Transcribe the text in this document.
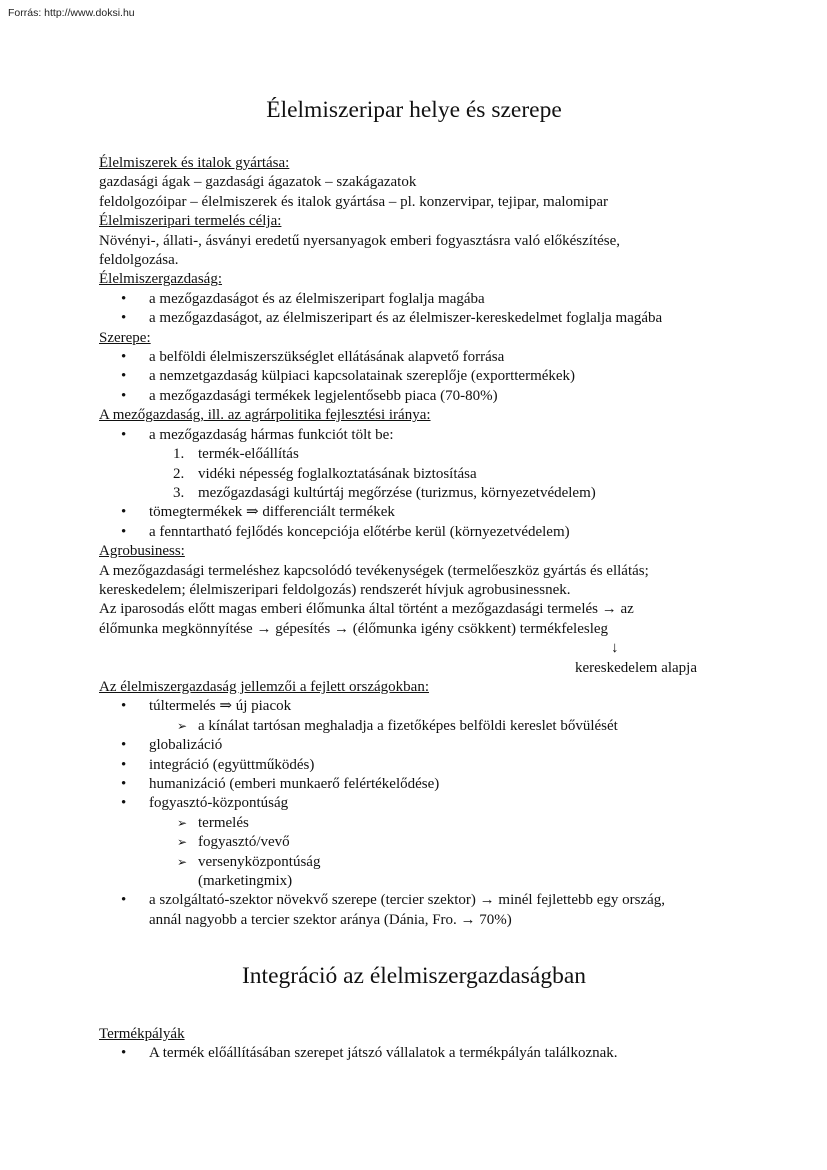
Forrás: http://www.doksi.hu
Élelmiszeripar helye és szerepe

Élelmiszerek és italok gyártása:

gazdasági ágak – gazdasági ágazatok – szakágazatok

feldolgozóipar – élelmiszerek és italok gyártása – pl. konzervipar, tejipar, malomipar

Élelmiszeripari termelés célja:

Növényi-, állati-, ásványi eredetű nyersanyagok emberi fogyasztásra való előkészítése,

feldolgozása.

Élelmiszergazdaság:

• a mezőgazdaságot és az élelmiszeripart foglalja magába
• a mezőgazdaságot, az élelmiszeripart és az élelmiszer-kereskedelmet foglalja magába

Szerepe:

• a belföldi élelmiszerszükséglet ellátásának alapvető forrása
• a nemzetgazdaság külpiaci kapcsolatainak szereplője (exporttermékek)
• a mezőgazdasági termékek legjelentősebb piaca (70-80%)

A mezőgazdaság, ill. az agrárpolitika fejlesztési iránya:

• a mezőgazdaság hármas funkciót tölt be:
1. termék-előállítás
2. vidéki népesség foglalkoztatásának biztosítása
3. mezőgazdasági kultúrtáj megőrzése (turizmus, környezetvédelem)
• tömegtermékek ⇒ differenciált termékek
• a fenntartható fejlődés koncepciója előtérbe kerül (környezetvédelem)

Agrobusiness:

A mezőgazdasági termeléshez kapcsolódó tevékenységek (termelőeszköz gyártás és ellátás;

kereskedelem; élelmiszeripari feldolgozás) rendszerét hívjuk agrobusinessnek.

Az iparosodás előtt magas emberi élőmunka által történt a mezőgazdasági termelés → az

élőmunka megkönnyítése → gépesítés → (élőmunka igény csökkent) termékfelesleg

↓

kereskedelem alapja

Az élelmiszergazdaság jellemzői a fejlett országokban:

• túltermelés ⇒ új piacok
➢ a kínálat tartósan meghaladja a fizetőképes belföldi kereslet bővülését
• globalizáció
• integráció (együttműködés)
• humanizáció (emberi munkaerő felértékelődése)
• fogyasztó-központúság
➢ termelés
➢ fogyasztó/vevő
➢ versenyközpontúság
(marketingmix)
• a szolgáltató-szektor növekvő szerepe (tercier szektor) → minél fejlettebb egy ország,
annál nagyobb a tercier szektor aránya (Dánia, Fro. → 70%)
Integráció az élelmiszergazdaságban

Termékpályák

• A termék előállításában szerepet játszó vállalatok a termékpályán találkoznak.
